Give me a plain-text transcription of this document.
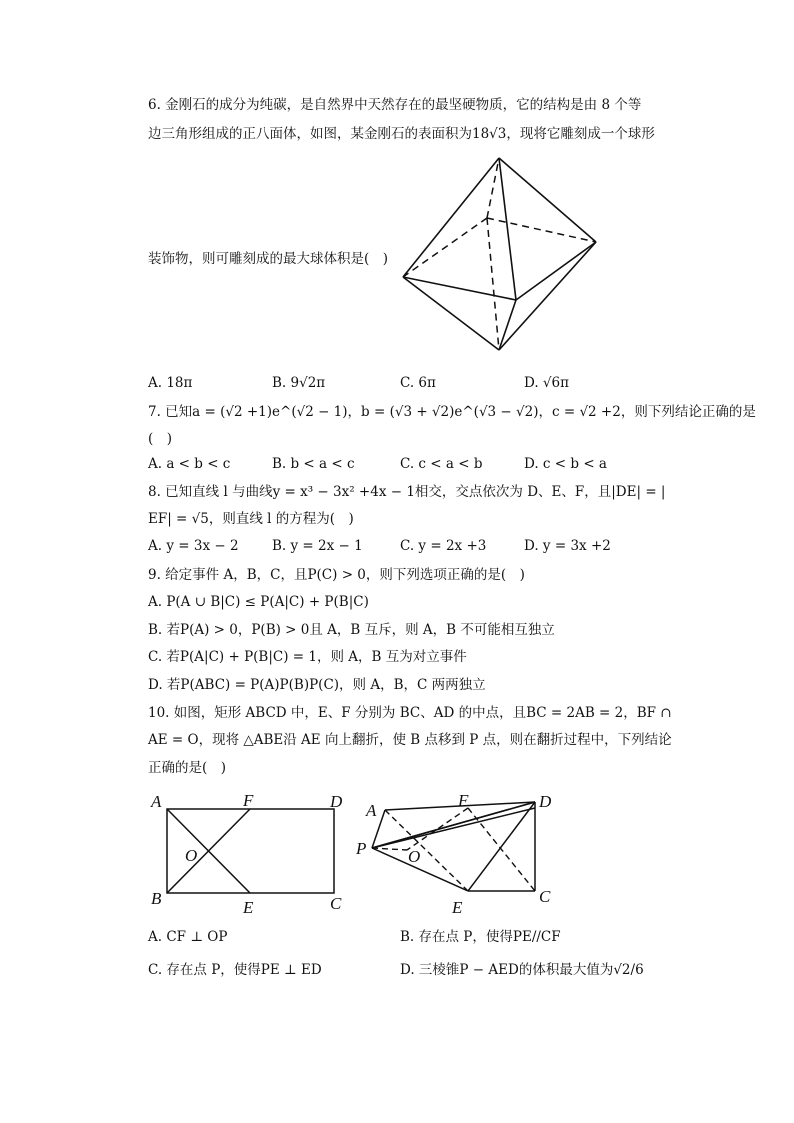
6. 金刚石的成分为纯碳，是自然界中天然存在的最坚硬物质，它的结构是由 8 个等
边三角形组成的正八面体，如图，某金刚石的表面积为18√3，现将它雕刻成一个球形
装饰物，则可雕刻成的最大球体积是(　)
A. 18π	B. 9√2π	C. 6π	D. √6π
7. 已知a = (√2 +1)e^(√2 − 1)，b = (√3 + √2)e^(√3 − √2)，c = √2 +2，则下列结论正确的是
(　)
A. a < b < c	B. b < a < c	C. c < a < b	D. c < b < a
8. 已知直线 l 与曲线y = x³ − 3x² +4x − 1相交，交点依次为 D、E、F，且|DE| = |
EF| = √5，则直线 l 的方程为(　)
A. y = 3x − 2 B. y = 2x − 1	C. y = 2x +3	D. y = 3x +2
9. 给定事件 A，B，C，且P(C) > 0，则下列选项正确的是(　)
A. P(A ∪ B|C) ≤ P(A|C) + P(B|C)
B. 若P(A) > 0，P(B) > 0且 A，B 互斥，则 A，B 不可能相互独立
C. 若P(A|C) + P(B|C) = 1，则 A，B 互为对立事件
D. 若P(ABC) = P(A)P(B)P(C)，则 A，B，C 两两独立
10. 如图，矩形 ABCD 中，E、F 分别为 BC、AD 的中点，且BC = 2AB = 2，BF ∩
AE = O，现将 △ABE沿 AE 向上翻折，使 B 点移到 P 点，则在翻折过程中，下列结论
正确的是(　)
A	F	D
O
B	E	C
A
F	D
P O
E
C
A. CF ⊥ OP	B. 存在点 P，使得PE//CF
C. 存在点 P，使得PE ⊥ ED	D. 三棱锥P − AED的体积最大值为√2/6
